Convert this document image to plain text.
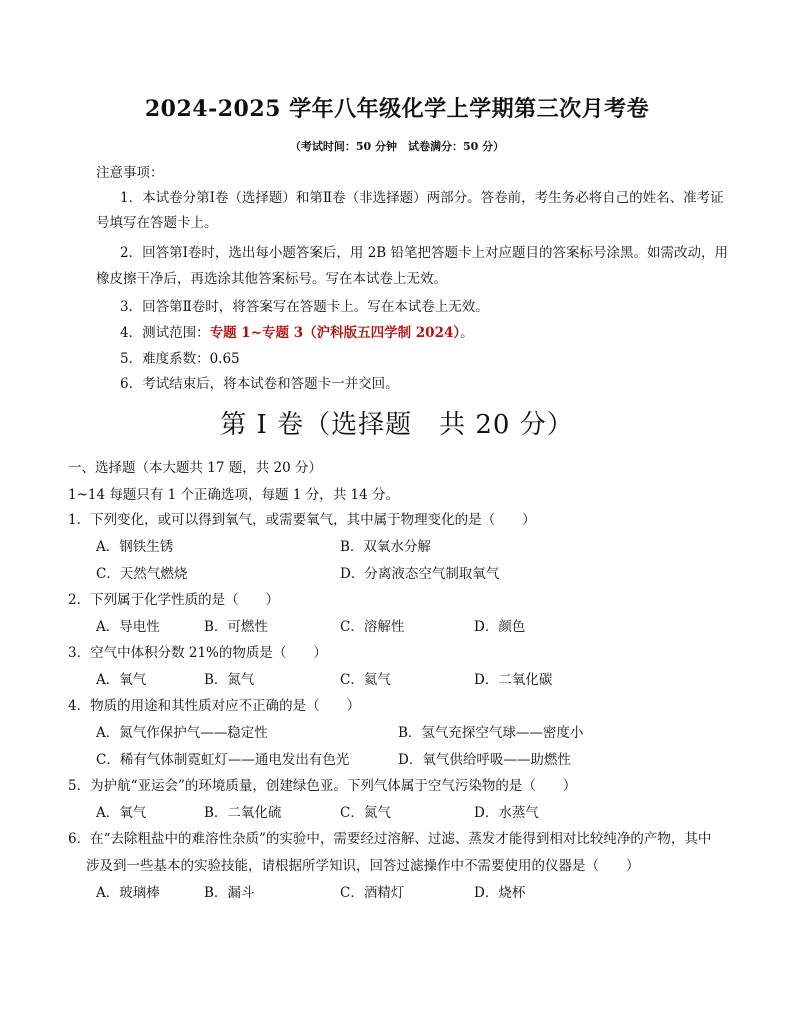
2024-2025 学年八年级化学上学期第三次月考卷
（考试时间：50 分钟　试卷满分：50 分）
注意事项：
1．本试卷分第Ⅰ卷（选择题）和第Ⅱ卷（非选择题）两部分。答卷前，考生务必将自己的姓名、准考证
号填写在答题卡上。
2．回答第Ⅰ卷时，选出每小题答案后，用 2B 铅笔把答题卡上对应题目的答案标号涂黑。如需改动，用
橡皮擦干净后，再选涂其他答案标号。写在本试卷上无效。
3．回答第Ⅱ卷时，将答案写在答题卡上。写在本试卷上无效。
4．测试范围：专题 1~专题 3（沪科版五四学制 2024）。
5．难度系数：0.65
6．考试结束后，将本试卷和答题卡一并交回。
第 I 卷（选择题　共 20 分）
一、选择题（本大题共 17 题，共 20 分）
1~14 每题只有 1 个正确选项，每题 1 分，共 14 分。
1．下列变化，或可以得到氧气，或需要氧气，其中属于物理变化的是（　　）
A．钢铁生锈	B．双氧水分解
C．天然气燃烧	D．分离液态空气制取氧气
2．下列属于化学性质的是（　　）
A．导电性	B．可燃性	C．溶解性	D．颜色
3．空气中体积分数 21%的物质是（　　）
A．氧气	B．氮气	C．氦气	D．二氧化碳
4．物质的用途和其性质对应不正确的是（　　）
A．氮气作保护气——稳定性	B．氢气充探空气球——密度小
C．稀有气体制霓虹灯——通电发出有色光	D．氧气供给呼吸——助燃性
5．为护航“亚运会”的环境质量，创建绿色亚。下列气体属于空气污染物的是（　　）
A．氧气	B．二氧化硫	C．氮气	D．水蒸气
6．在“去除粗盐中的难溶性杂质”的实验中，需要经过溶解、过滤、蒸发才能得到相对比较纯净的产物，其中
涉及到一些基本的实验技能，请根据所学知识，回答过滤操作中不需要使用的仪器是（　　）
A．玻璃棒	B．漏斗	C．酒精灯	D．烧杯
